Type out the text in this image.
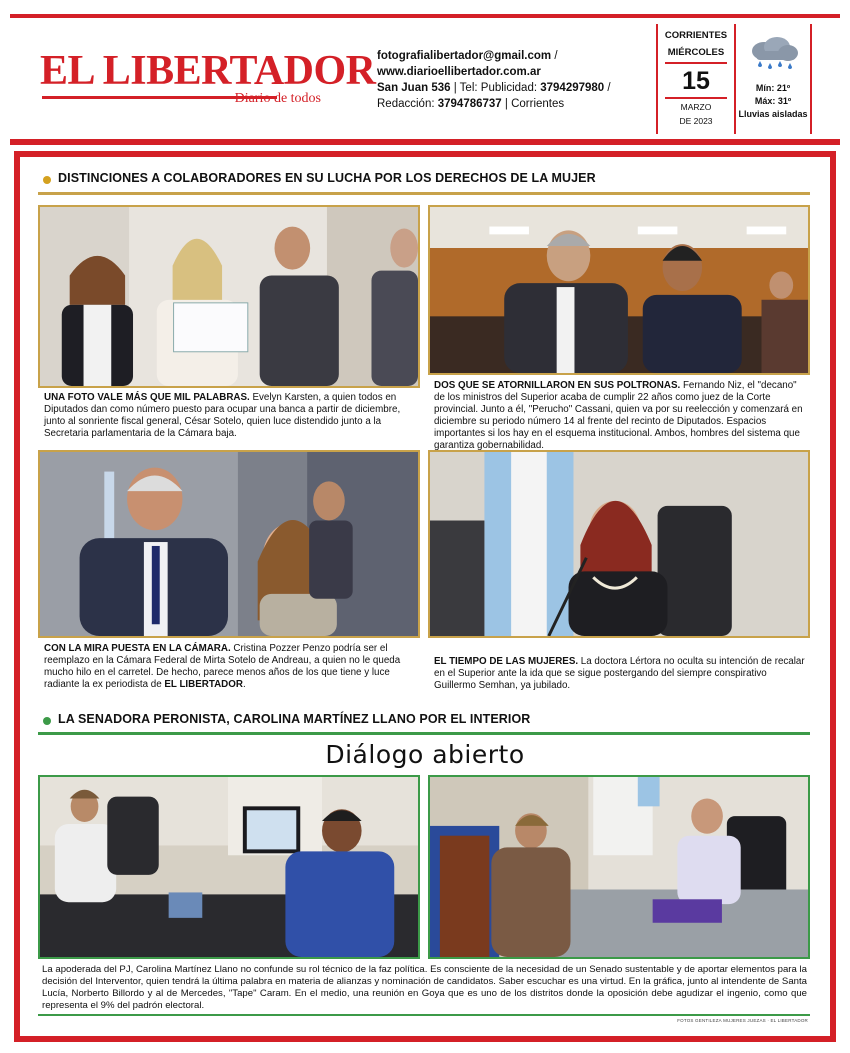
EL LIBERTADOR
Diario de todos
fotografialibertador@gmail.com /
www.diarioellibertador.com.ar
San Juan 536 | Tel: Publicidad: 3794297980 /
Redacción: 3794786737 | Corrientes
CORRIENTES
MIÉRCOLES
15
MARZO
DE 2023
Mín: 21º
Máx: 31º
Lluvias aisladas
DISTINCIONES A COLABORADORES EN SU LUCHA POR LOS DERECHOS DE LA MUJER
UNA FOTO VALE MÁS QUE MIL PALABRAS. Evelyn Karsten, a quien todos en Diputados dan como número puesto para ocupar una banca a partir de diciembre, junto al sonriente fiscal general, César Sotelo, quien luce distendido junto a la Secretaria parlamentaria de la Cámara baja.
DOS QUE SE ATORNILLARON EN SUS POLTRONAS. Fernando Niz, el "decano" de los ministros del Superior acaba de cumplir 22 años como juez de la Corte provincial. Junto a él, "Perucho" Cassani, quien va por su reelección y comenzará en diciembre su periodo número 14 al frente del recinto de Diputados. Espacios importantes si los hay en el esquema institucional. Ambos, hombres del sistema que garantiza gobernabilidad.
CON LA MIRA PUESTA EN LA CÁMARA. Cristina Pozzer Penzo podría ser el reemplazo en la Cámara Federal de Mirta Sotelo de Andreau, a quien no le queda mucho hilo en el carretel. De hecho, parece menos años de los que tiene y luce radiante la ex periodista de EL LIBERTADOR.
EL TIEMPO DE LAS MUJERES. La doctora Lértora no oculta su intención de recalar en el Superior ante la ida que se sigue postergando del siempre conspirativo Guillermo Semhan, ya jubilado.
LA SENADORA PERONISTA, CAROLINA MARTÍNEZ LLANO POR EL INTERIOR
Diálogo abierto
La apoderada del PJ, Carolina Martínez Llano no confunde su rol técnico de la faz política. Es consciente de la necesidad de un Senado sustentable y de aportar elementos para la decisión del Interventor, quien tendrá la última palabra en materia de alianzas y nominación de candidatos. Saber escuchar es una virtud. En la gráfica, junto al intendente de Santa Lucía, Norberto Billordo y al de Mercedes, "Tape" Caram. En el medio, una reunión en Goya que es uno de los distritos donde la oposición debe agudizar el ingenio, como que representa el 9% del padrón electoral.
FOTOS GENTILEZA MUJERES JUEZAS · EL LIBERTADOR
